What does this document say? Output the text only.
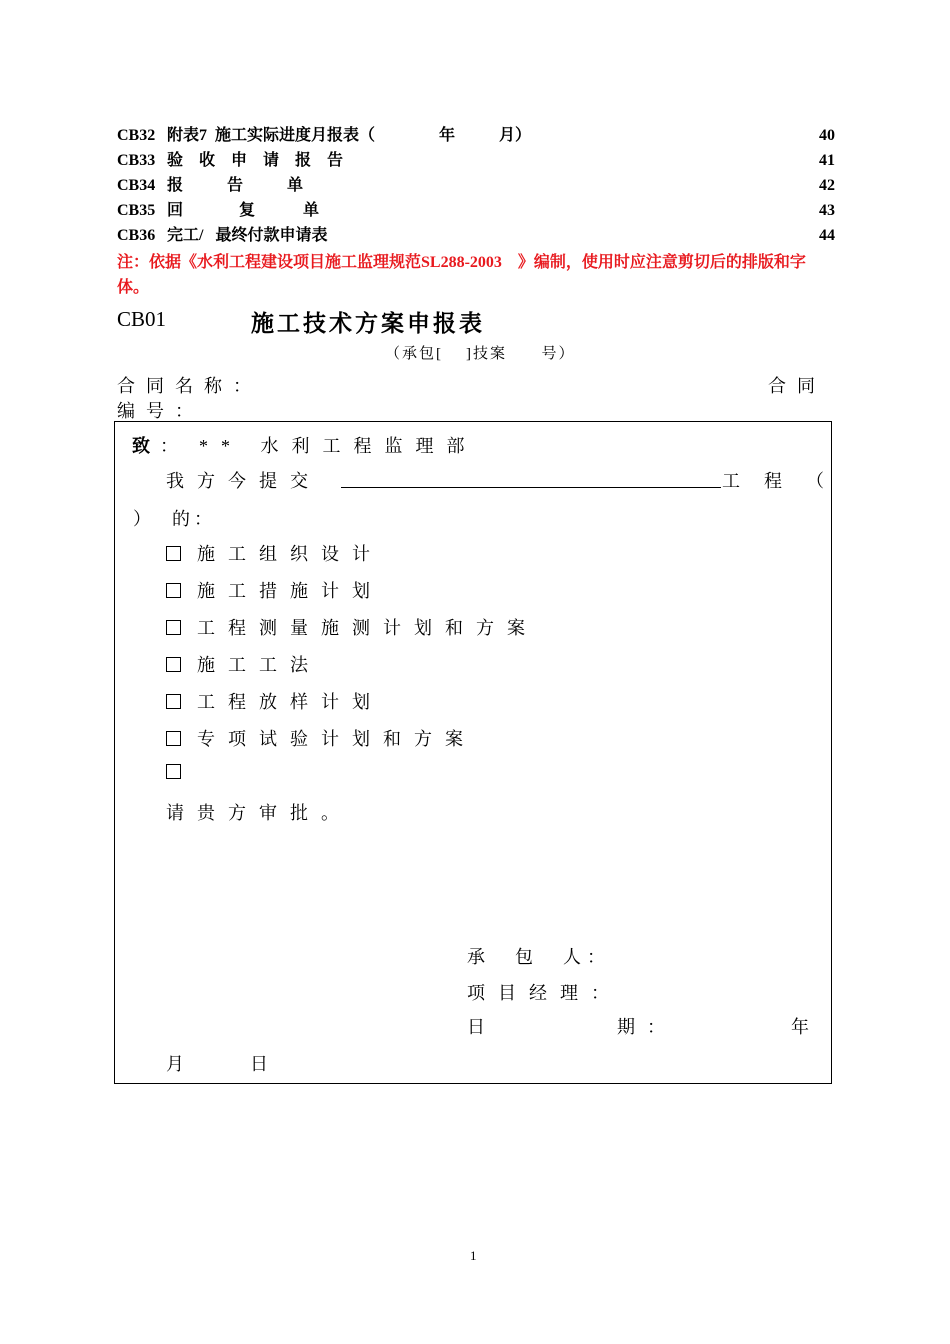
CB32 附表7  施工实际进度月报表（                年           月）	40
CB33 验    收    申    请    报    告	41
CB34 报           告           单	42
CB35 回              复            单	43
CB36 完工/   最终付款申请表	44
注：依据《水利工程建设项目施工监理规范SL288-2003    》编制，使用时应注意剪切后的排版和字体。
CB01	施工技术方案申报表
（承包[    ]技案      号）
合同名称：	合同
编号：
致 ： ** 水利工程监理部
我方今提交	工程（
）  的：
施工组织设计
施工措施计划
工程测量施测计划和方案
施工工法
工程放样计划
专项试验计划和方案
请贵方审批。
承　包　人：
项目经理：
日　　　　期：	年
月	日
1
